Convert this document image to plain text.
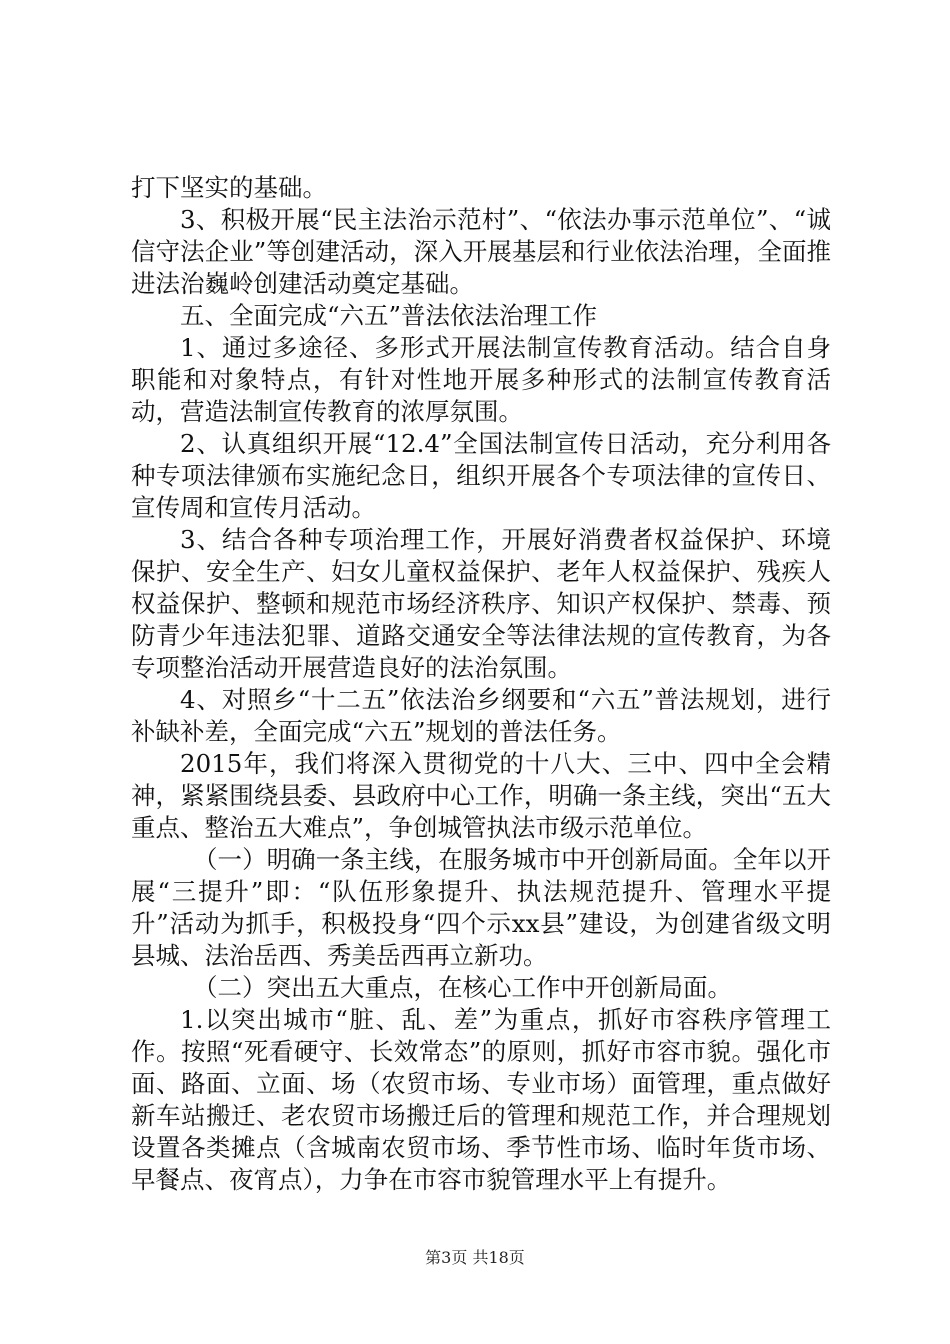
打下坚实的基础。

3、积极开展“民主法治示范村”、“依法办事示范单位”、“诚信守法企业”等创建活动，深入开展基层和行业依法治理，全面推进法治巍岭创建活动奠定基础。

五、全面完成“六五”普法依法治理工作

1、通过多途径、多形式开展法制宣传教育活动。结合自身职能和对象特点，有针对性地开展多种形式的法制宣传教育活动，营造法制宣传教育的浓厚氛围。

2、认真组织开展“12.4”全国法制宣传日活动，充分利用各种专项法律颁布实施纪念日，组织开展各个专项法律的宣传日、宣传周和宣传月活动。

3、结合各种专项治理工作，开展好消费者权益保护、环境保护、安全生产、妇女儿童权益保护、老年人权益保护、残疾人权益保护、整顿和规范市场经济秩序、知识产权保护、禁毒、预防青少年违法犯罪、道路交通安全等法律法规的宣传教育，为各专项整治活动开展营造良好的法治氛围。

4、对照乡“十二五”依法治乡纲要和“六五”普法规划，进行补缺补差，全面完成“六五”规划的普法任务。

2015年，我们将深入贯彻党的十八大、三中、四中全会精神，紧紧围绕县委、县政府中心工作，明确一条主线，突出“五大重点、整治五大难点”，争创城管执法市级示范单位。

（一）明确一条主线，在服务城市中开创新局面。全年以开展“三提升”即：“队伍形象提升、执法规范提升、管理水平提升”活动为抓手，积极投身“四个示xx县”建设，为创建省级文明县城、法治岳西、秀美岳西再立新功。

（二）突出五大重点，在核心工作中开创新局面。

1.以突出城市“脏、乱、差”为重点，抓好市容秩序管理工作。按照“死看硬守、长效常态”的原则，抓好市容市貌。强化市面、路面、立面、场（农贸市场、专业市场）面管理，重点做好新车站搬迁、老农贸市场搬迁后的管理和规范工作，并合理规划设置各类摊点（含城南农贸市场、季节性市场、临时年货市场、早餐点、夜宵点），力争在市容市貌管理水平上有提升。

第3页 共18页
